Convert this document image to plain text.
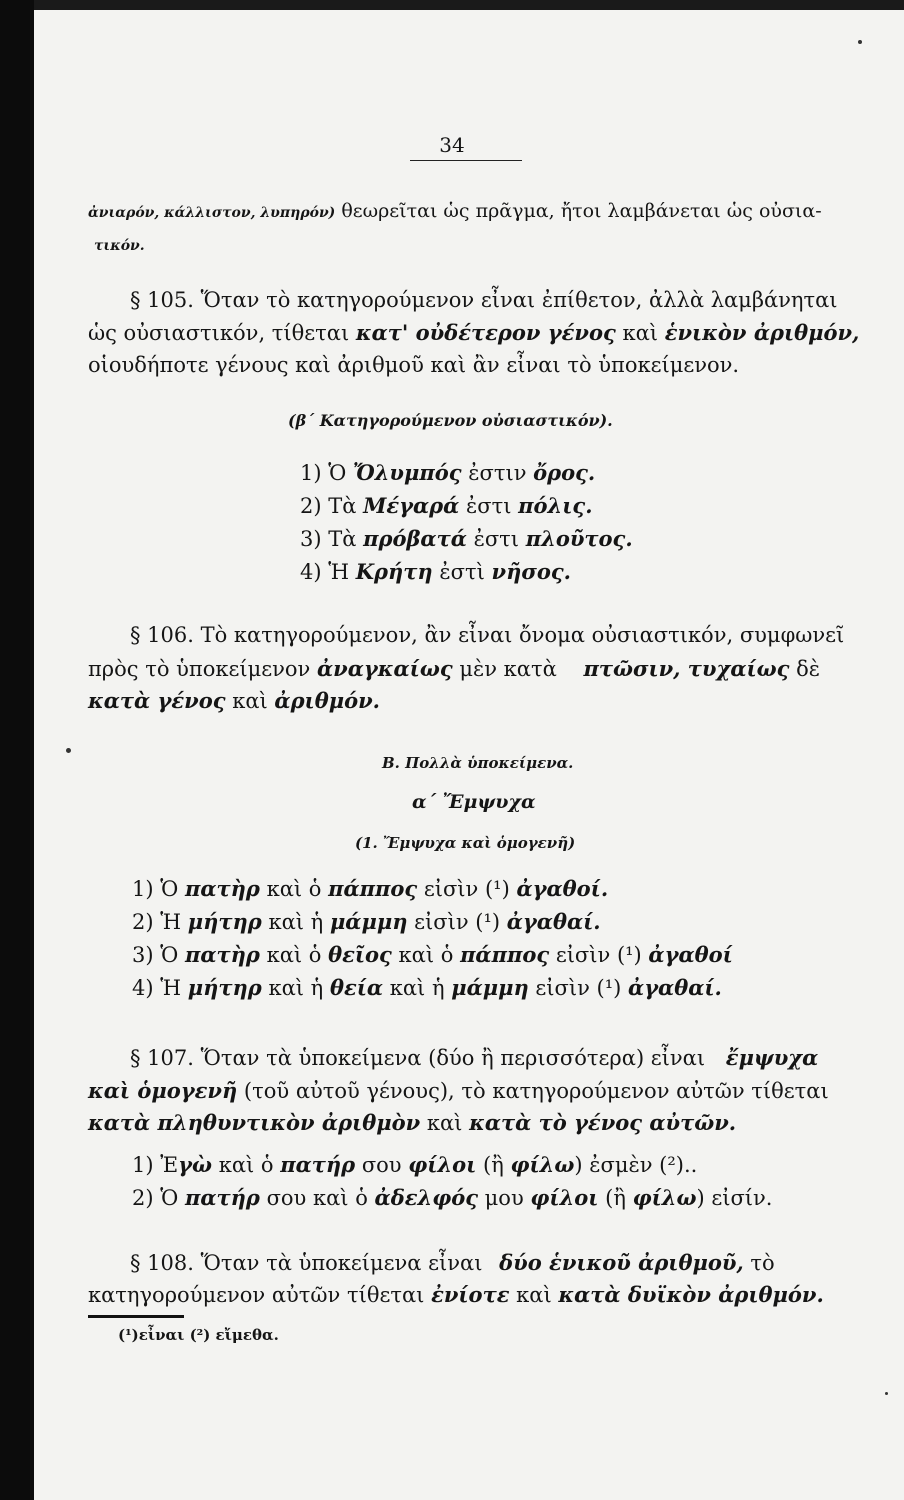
34
ἀνιαρόν, κάλλιστον, λυπηρόν) θεωρεῖται ὡς πρᾶγμα, ἤτοι λαμβάνεται ὡς οὐσια-
τικόν.
§ 105. Ὅταν τὸ κατηγορούμενον εἶναι ἐπίθετον, ἀλλὰ λαμβάνηται
ὡς οὐσιαστικόν, τίθεται κατ' οὐδέτερον γένος καὶ ἑνικὸν ἀριθμόν,
οἱουδήποτε γένους καὶ ἀριθμοῦ καὶ ἂν εἶναι τὸ ὑποκείμενον.
(β΄ Κατηγορούμενον οὐσιαστικόν).
1) Ὁ Ὄλυμπός ἐστιν ὄρος.
2) Τὰ Μέγαρά ἐστι πόλις.
3) Τὰ πρόβατά ἐστι πλοῦτος.
4) Ἡ Κρήτη ἐστὶ νῆσος.
§ 106. Τὸ κατηγορούμενον, ἂν εἶναι ὄνομα οὐσιαστικόν, συμφωνεῖ
πρὸς τὸ ὑποκείμενον ἀναγκαίως μὲν κατὰ πτῶσιν, τυχαίως δὲ
κατὰ γένος καὶ ἀριθμόν.
Β. Πολλὰ ὑποκείμενα.
α΄ Ἔμψυχα
(1. Ἔμψυχα καὶ ὁμογενῆ)
1) Ὁ πατὴρ καὶ ὁ πάππος εἰσὶν (¹) ἀγαθοί.
2) Ἡ μήτηρ καὶ ἡ μάμμη εἰσὶν (¹) ἀγαθαί.
3) Ὁ πατὴρ καὶ ὁ θεῖος καὶ ὁ πάππος εἰσὶν (¹) ἀγαθοί
4) Ἡ μήτηρ καὶ ἡ θεία καὶ ἡ μάμμη εἰσὶν (¹) ἀγαθαί.
§ 107. Ὅταν τὰ ὑποκείμενα (δύο ἢ περισσότερα) εἶναι ἔμψυχα
καὶ ὁμογενῆ (τοῦ αὐτοῦ γένους), τὸ κατηγορούμενον αὐτῶν τίθεται
κατὰ πληθυντικὸν ἀριθμὸν καὶ κατὰ τὸ γένος αὐτῶν.
1) Ἐγὼ καὶ ὁ πατήρ σου φίλοι (ἢ φίλω) ἐσμὲν (²)..
2) Ὁ πατήρ σου καὶ ὁ ἀδελφός μου φίλοι (ἢ φίλω) εἰσίν.
§ 108. Ὅταν τὰ ὑποκείμενα εἶναι δύο ἑνικοῦ ἀριθμοῦ, τὸ
κατηγορούμενον αὐτῶν τίθεται ἐνίοτε καὶ κατὰ δυϊκὸν ἀριθμόν.
(¹)εἶναι (²) εἴμεθα.
